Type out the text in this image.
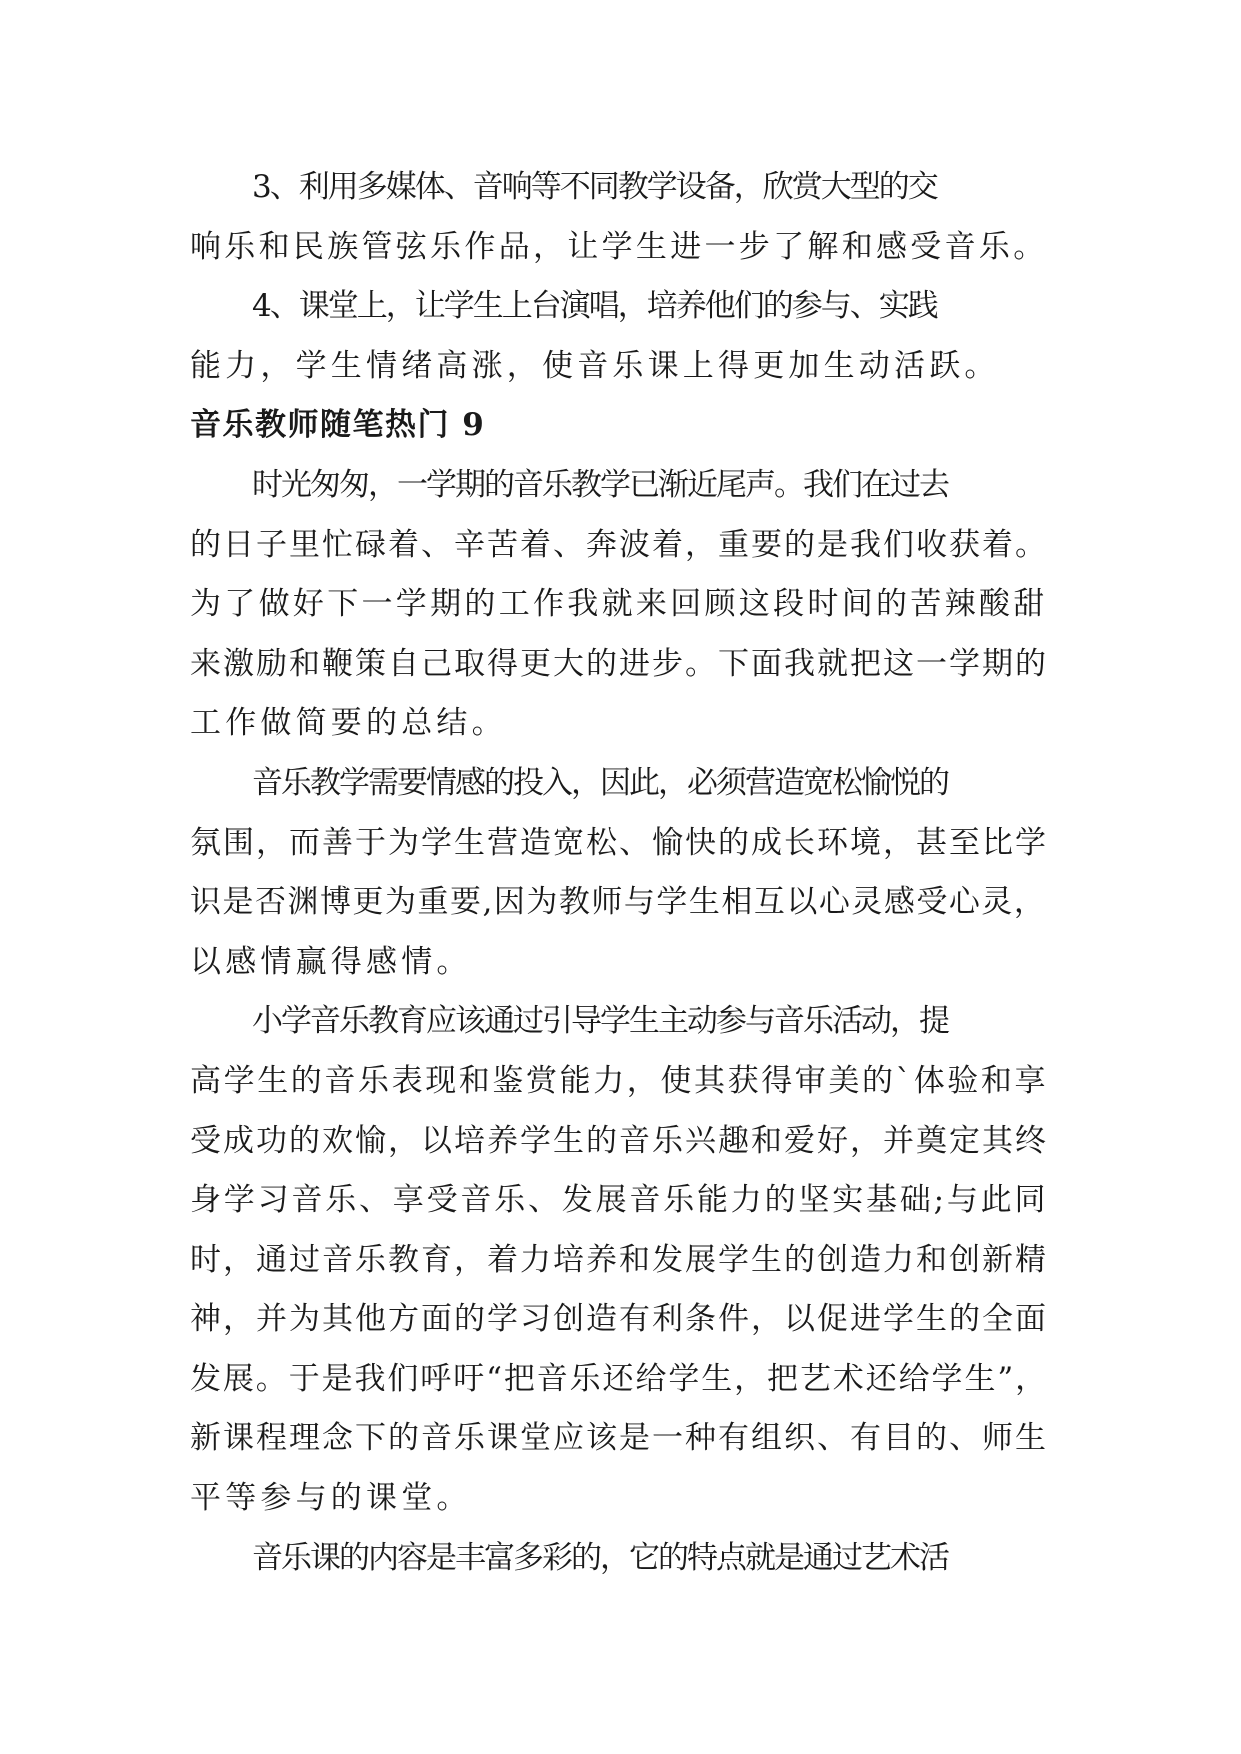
3、利用多媒体、音响等不同教学设备，欣赏大型的交
响乐和民族管弦乐作品，让学生进一步了解和感受音乐。

4、课堂上，让学生上台演唱，培养他们的参与、实践
能力，学生情绪高涨，使音乐课上得更加生动活跃。

音乐教师随笔热门 9

时光匆匆，一学期的音乐教学已渐近尾声。我们在过去
的日子里忙碌着、辛苦着、奔波着，重要的是我们收获着。
为了做好下一学期的工作我就来回顾这段时间的苦辣酸甜
来激励和鞭策自己取得更大的进步。下面我就把这一学期的
工作做简要的总结。

音乐教学需要情感的投入，因此，必须营造宽松愉悦的
氛围，而善于为学生营造宽松、愉快的成长环境，甚至比学
识是否渊博更为重要,因为教师与学生相互以心灵感受心灵，
以感情赢得感情。

小学音乐教育应该通过引导学生主动参与音乐活动，提
高学生的音乐表现和鉴赏能力，使其获得审美的`体验和享
受成功的欢愉，以培养学生的音乐兴趣和爱好，并奠定其终
身学习音乐、享受音乐、发展音乐能力的坚实基础;与此同
时，通过音乐教育，着力培养和发展学生的创造力和创新精
神，并为其他方面的学习创造有利条件，以促进学生的全面
发展。于是我们呼吁“把音乐还给学生，把艺术还给学生”，
新课程理念下的音乐课堂应该是一种有组织、有目的、师生
平等参与的课堂。

音乐课的内容是丰富多彩的，它的特点就是通过艺术活
